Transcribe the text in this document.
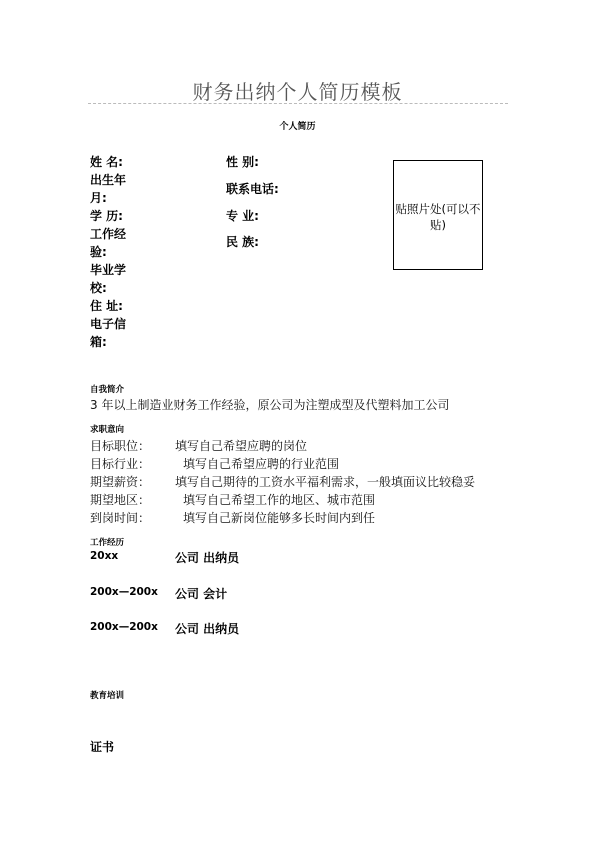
财务出纳个人简历模板
个人简历
姓 名:
出生年月:
学 历:
工作经验:
毕业学校:
住 址:
电子信箱:
性 别:
联系电话:
专 业:
民 族:
贴照片处(可以不贴)
自我简介
3 年以上制造业财务工作经验，原公司为注塑成型及代塑料加工公司
求职意向
目标职位： 填写自己希望应聘的岗位
目标行业：	填写自己希望应聘的行业范围
期望薪资： 填写自己期待的工资水平福利需求，一般填面议比较稳妥
期望地区：	填写自己希望工作的地区、城市范围
到岗时间：	填写自己新岗位能够多长时间内到任
工作经历
20xx	公司 出纳员
200x—200x 公司 会计
200x—200x 公司 出纳员
教育培训
证书
